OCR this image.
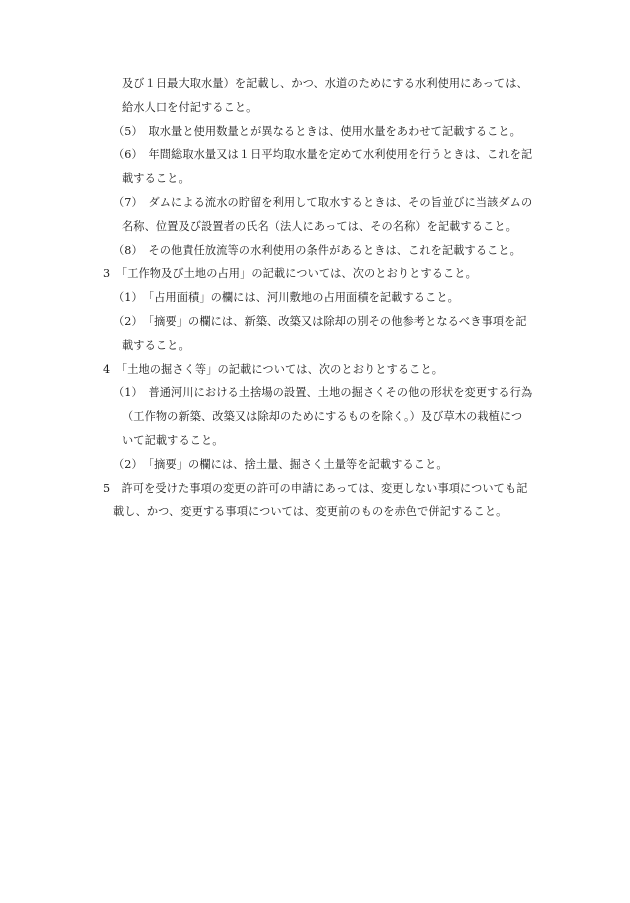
及び１日最大取水量）を記載し、かつ、水道のためにする水利使用にあっては、
給水人口を付記すること。
（5）　取水量と使用数量とが異なるときは、使用水量をあわせて記載すること。
（6）　年間総取水量又は１日平均取水量を定めて水利使用を行うときは、これを記
載すること。
（7）　ダムによる流水の貯留を利用して取水するときは、その旨並びに当該ダムの
名称、位置及び設置者の氏名（法人にあっては、その名称）を記載すること。
（8）　その他責任放流等の水利使用の条件があるときは、これを記載すること。
3　「工作物及び土地の占用」の記載については、次のとおりとすること。
（1）　「占用面積」の欄には、河川敷地の占用面積を記載すること。
（2）　「摘要」の欄には、新築、改築又は除却の別その他参考となるべき事項を記
載すること。
4　「土地の掘さく等」の記載については、次のとおりとすること。
（1）　普通河川における土捨場の設置、土地の掘さくその他の形状を変更する行為
（工作物の新築、改築又は除却のためにするものを除く。）及び草木の栽植につ
いて記載すること。
（2）　「摘要」の欄には、捨土量、掘さく土量等を記載すること。
5　許可を受けた事項の変更の許可の申請にあっては、変更しない事項についても記
載し、かつ、変更する事項については、変更前のものを赤色で併記すること。
